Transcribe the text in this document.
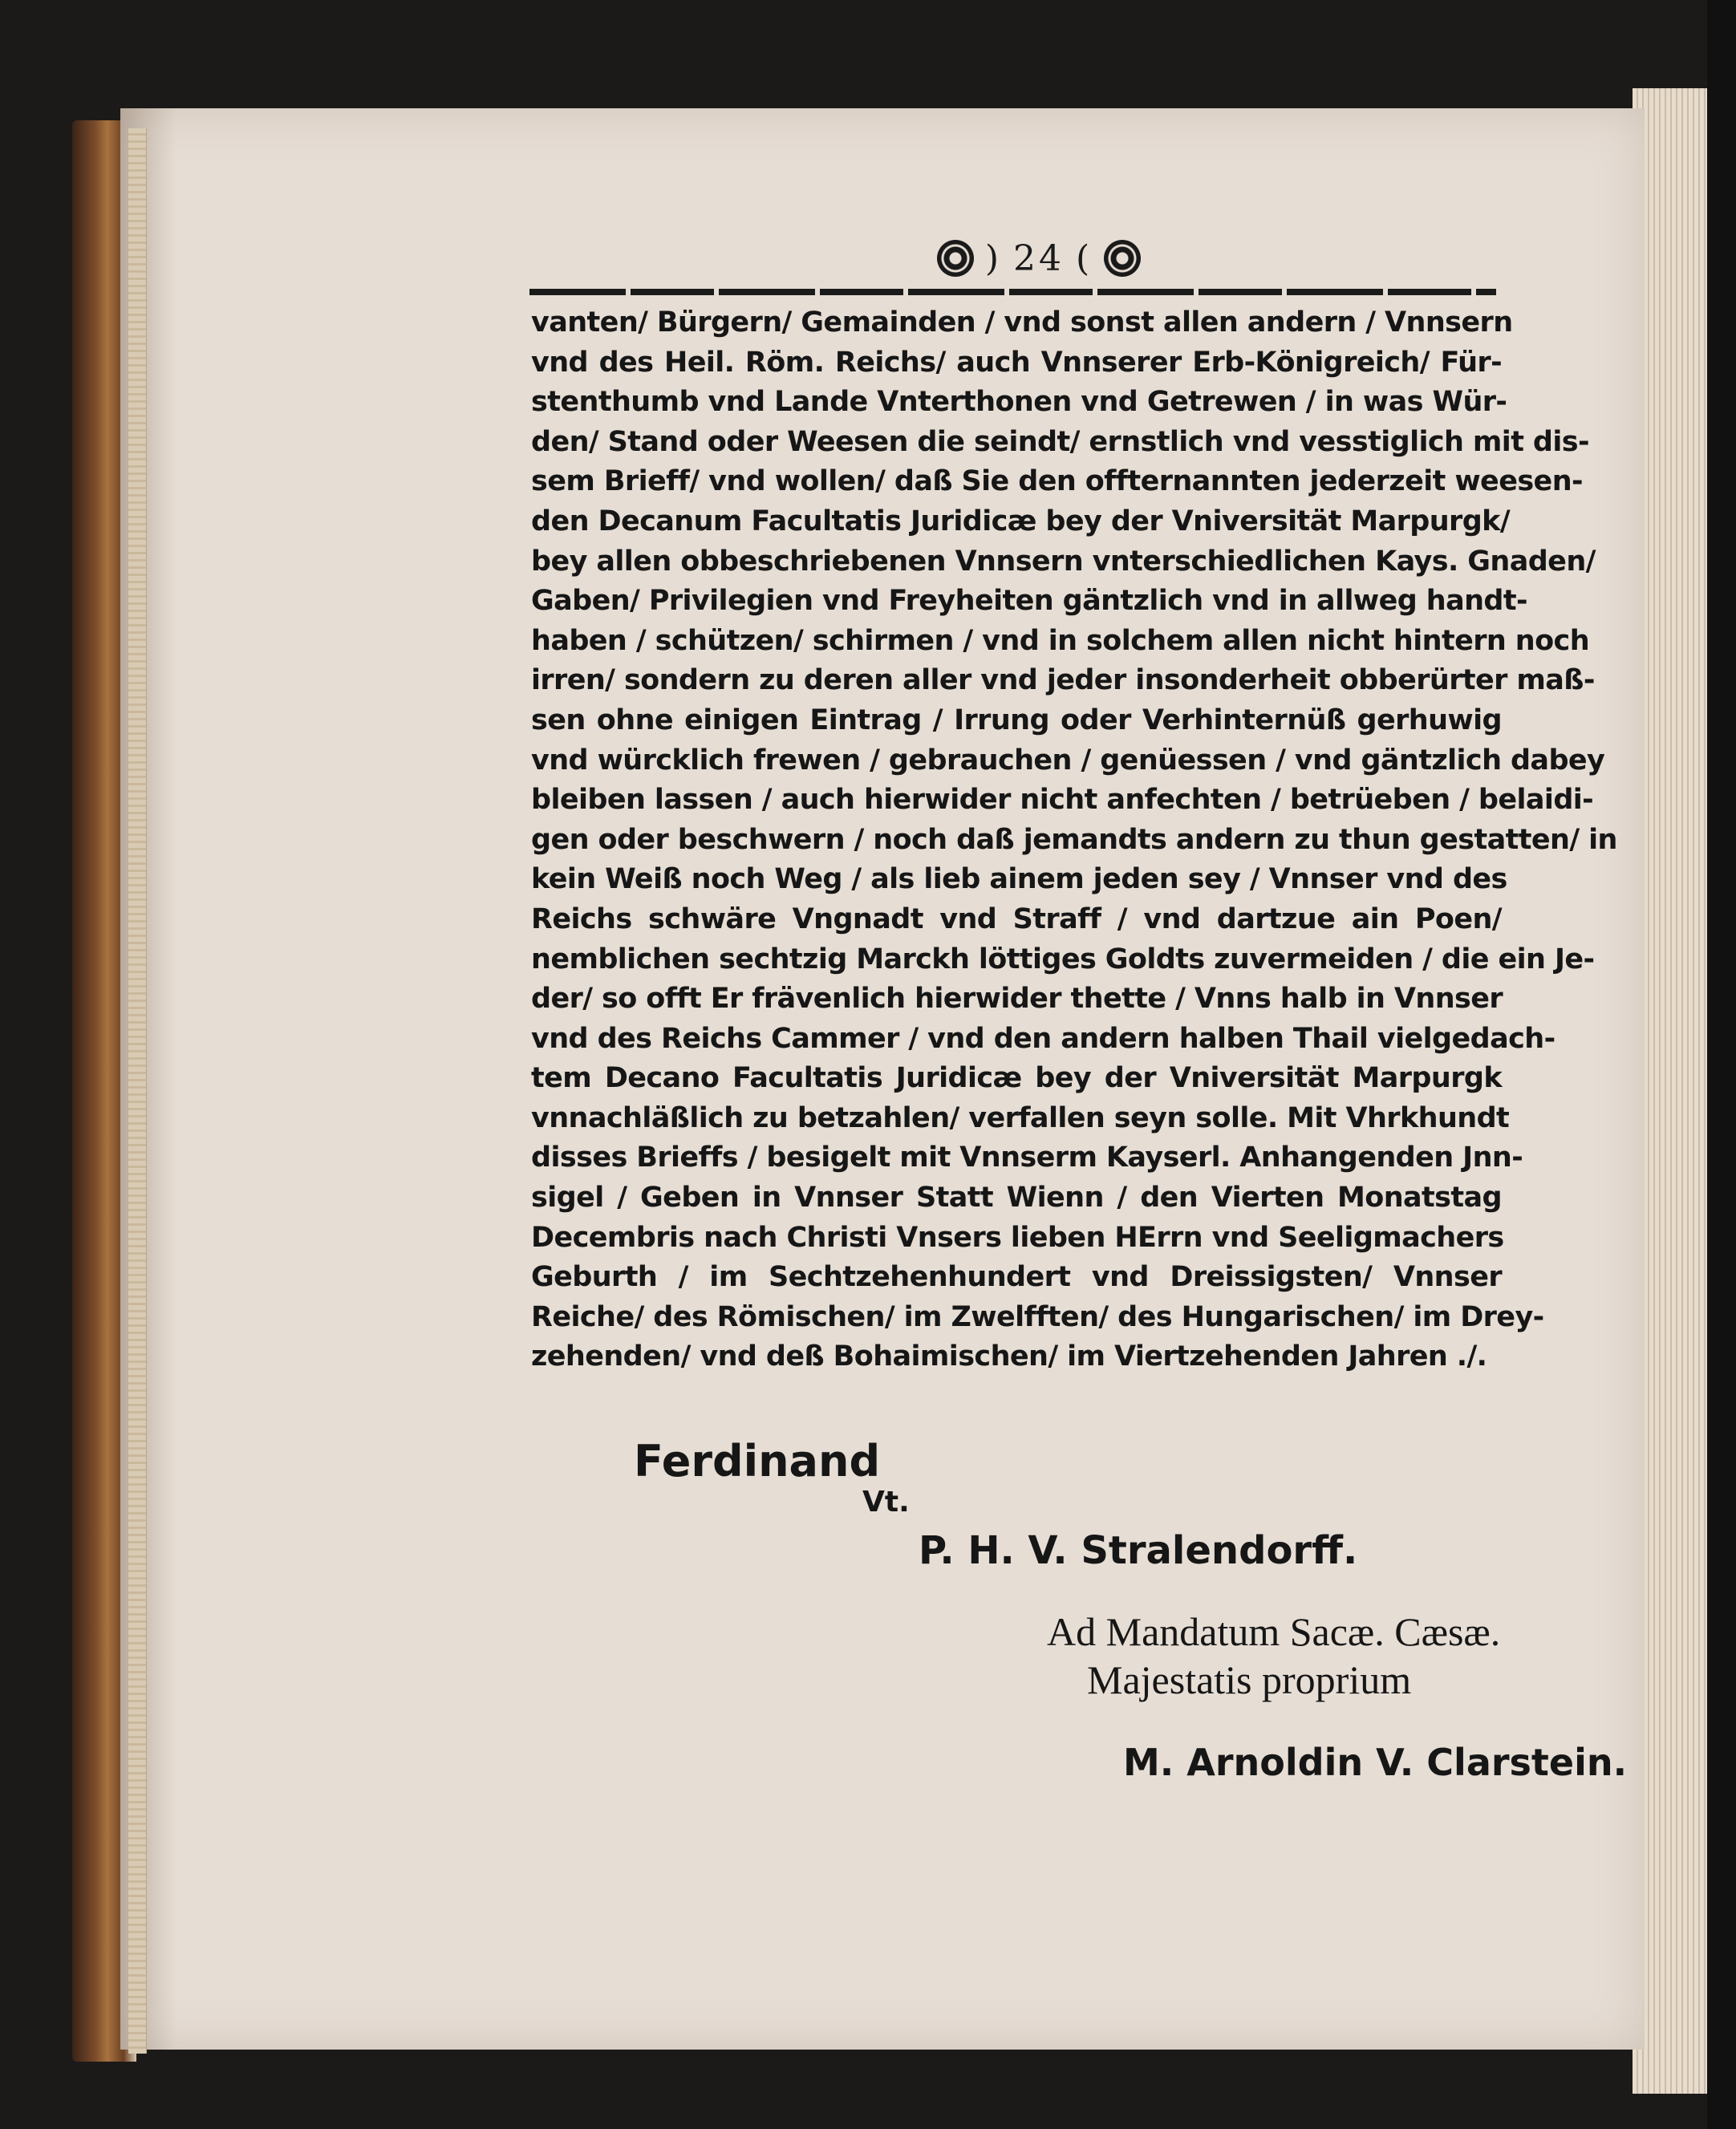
) 24 (
vanten/ Bürgern/ Gemainden / vnd sonst allen andern / Vnnsern
vnd des Heil. Röm. Reichs/ auch Vnnserer Erb-Königreich/ Für-
stenthumb vnd Lande Vnterthonen vnd Getrewen / in was Wür-
den/ Stand oder Weesen die seindt/ ernstlich vnd vesstiglich mit dis-
sem Brieff/ vnd wollen/ daß Sie den offternannten jederzeit weesen-
den Decanum Facultatis Juridicæ bey der Vniversität Marpurgk/
bey allen obbeschriebenen Vnnsern vnterschiedlichen Kays. Gnaden/
Gaben/ Privilegien vnd Freyheiten gäntzlich vnd in allweg handt-
haben / schützen/ schirmen / vnd in solchem allen nicht hintern noch
irren/ sondern zu deren aller vnd jeder insonderheit obberürter maß-
sen ohne einigen Eintrag / Irrung oder Verhinternüß gerhuwig
vnd würcklich frewen / gebrauchen / genüessen / vnd gäntzlich dabey
bleiben lassen / auch hierwider nicht anfechten / betrüeben / belaidi-
gen oder beschwern / noch daß jemandts andern zu thun gestatten/ in
kein Weiß noch Weg / als lieb ainem jeden sey / Vnnser vnd des
Reichs schwäre Vngnadt vnd Straff / vnd dartzue ain Poen/
nemblichen sechtzig Marckh löttiges Goldts zuvermeiden / die ein Je-
der/ so offt Er frävenlich hierwider thette / Vnns halb in Vnnser
vnd des Reichs Cammer / vnd den andern halben Thail vielgedach-
tem Decano Facultatis Juridicæ bey der Vniversität Marpurgk
vnnachläßlich zu betzahlen/ verfallen seyn solle. Mit Vhrkhundt
disses Brieffs / besigelt mit Vnnserm Kayserl. Anhangenden Jnn-
sigel / Geben in Vnnser Statt Wienn / den Vierten Monatstag
Decembris nach Christi Vnsers lieben HErrn vnd Seeligmachers
Geburth / im Sechtzehenhundert vnd Dreissigsten/ Vnnser
Reiche/ des Römischen/ im Zwelfften/ des Hungarischen/ im Drey-
zehenden/ vnd deß Bohaimischen/ im Viertzehenden Jahren ./.
Ferdinand
Vt.
P. H. V. Stralendorff.
Ad Mandatum Sacæ. Cæsæ.
Majestatis proprium
M. Arnoldin V. Clarstein.
